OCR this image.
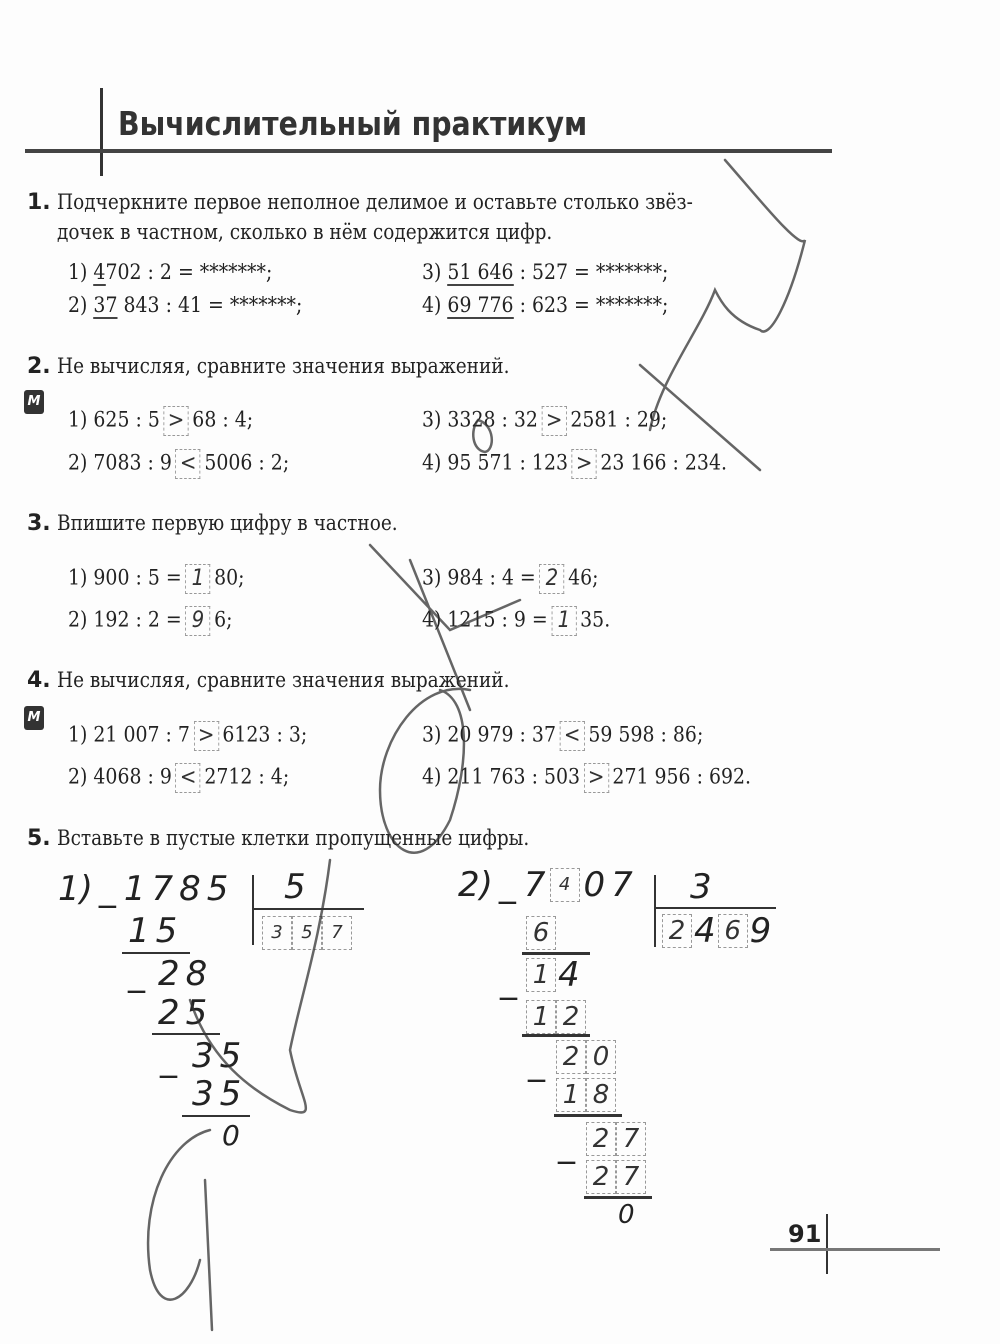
Вычислительный практикум
1. Подчеркните первое неполное делимое и оставьте столько звёз-
дочек в частном, сколько в нём содержится цифр.
1) 4702 : 2 = *******;
2) 37 843 : 41 = *******;
3) 51 646 : 527 = *******;
4) 69 776 : 623 = *******;
2. Не вычисляя, сравните значения выражений.
М
1) 625 : 5 > 68 : 4;
2) 7083 : 9 < 5006 : 2;
3) 3328 : 32 > 2581 : 29;
4) 95 571 : 123 > 23 166 : 234.
3. Впишите первую цифру в частное.
1) 900 : 5 = 1 80;
2) 192 : 2 = 9 6;
3) 984 : 4 = 2 46;
4) 1215 : 9 = 1 35.
4. Не вычисляя, сравните значения выражений.
М
1) 21 007 : 7 > 6123 : 3;
2) 4068 : 9 < 2712 : 4;
3) 20 979 : 37 < 59 598 : 86;
4) 211 763 : 503 > 271 956 : 692.
5. Вставьте в пустые клетки пропущенные цифры.
1) _ 1785 5
3	5	7
15
_ 28
25
_ 35
35
0
2) _ 7 4 07 3
2 4 6 9
6
_ 1 4
1 2
_ 2 0
1 8
_ 2 7
2 7
0
91
